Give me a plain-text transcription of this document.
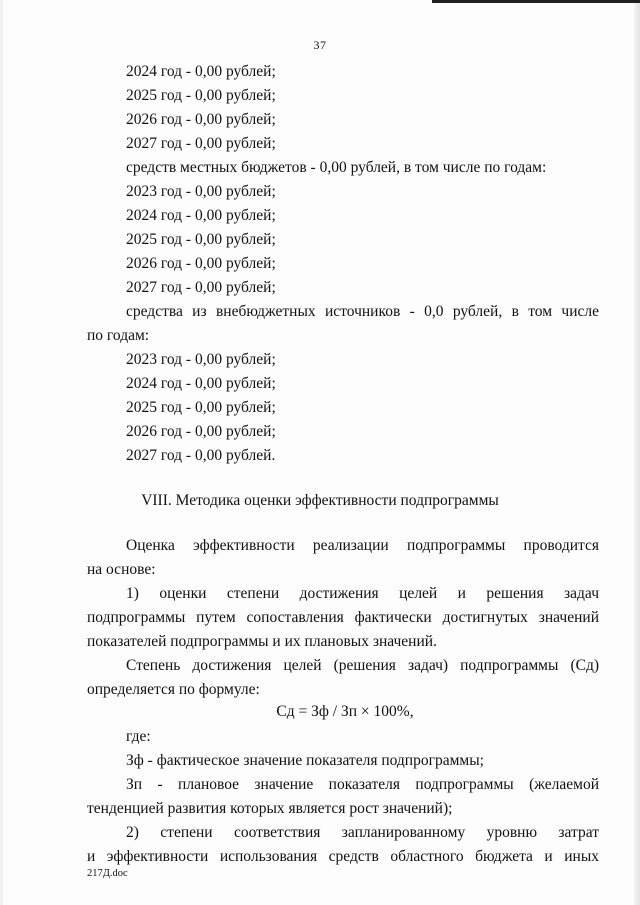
37
2024 год - 0,00 рублей;
2025 год - 0,00 рублей;
2026 год - 0,00 рублей;
2027 год - 0,00 рублей;
средств местных бюджетов - 0,00 рублей, в том числе по годам:
2023 год - 0,00 рублей;
2024 год - 0,00 рублей;
2025 год - 0,00 рублей;
2026 год - 0,00 рублей;
2027 год - 0,00 рублей;
средства из внебюджетных источников - 0,0 рублей, в том числе
по годам:
2023 год - 0,00 рублей;
2024 год - 0,00 рублей;
2025 год - 0,00 рублей;
2026 год - 0,00 рублей;
2027 год - 0,00 рублей.
VIII. Методика оценки эффективности подпрограммы
Оценка эффективности реализации подпрограммы проводится
на основе:
1) оценки степени достижения целей и решения задач
подпрограммы путем сопоставления фактически достигнутых значений
показателей подпрограммы и их плановых значений.
Степень достижения целей (решения задач) подпрограммы (Сд)
определяется по формуле:
Сд = Зф / Зп × 100%,
где:
Зф - фактическое значение показателя подпрограммы;
Зп - плановое значение показателя подпрограммы (желаемой
тенденцией развития которых является рост значений);
2) степени соответствия запланированному уровню затрат
и эффективности использования средств областного бюджета и иных
217Д.doc
